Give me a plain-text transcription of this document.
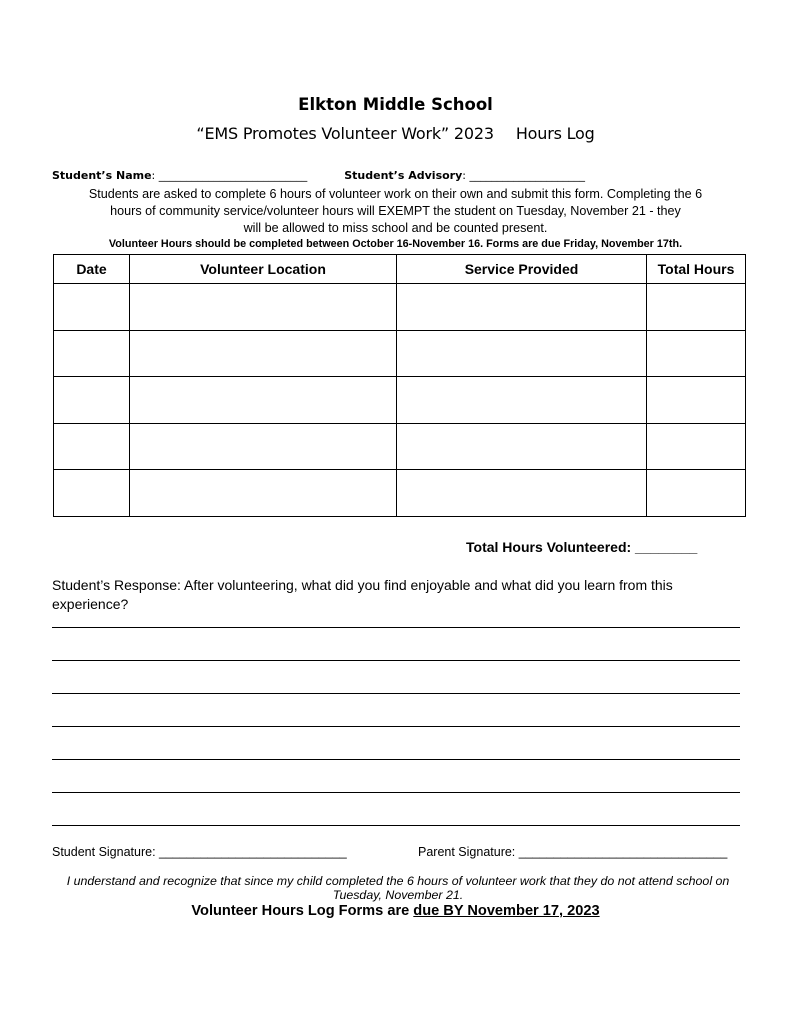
Elkton Middle School
“EMS Promotes Volunteer Work” 2023 Hours Log
Student’s Name: ___________________________	Student’s Advisory: _____________________
Students are asked to complete 6 hours of volunteer work on their own and submit this form. Completing the 6
hours of community service/volunteer hours will EXEMPT the student on Tuesday, November 21 - they
will be allowed to miss school and be counted present.
Volunteer Hours should be completed between October 16-November 16. Forms are due Friday, November 17th.
Date	Volunteer Location	Service Provided	Total Hours

Total Hours Volunteered: ________
Student’s Response: After volunteering, what did you find enjoyable and what did you learn from this experience?
Student Signature: ___________________________	Parent Signature: ______________________________
I understand and recognize that since my child completed the 6 hours of volunteer work that they do not attend school on Tuesday, November 21.
Volunteer Hours Log Forms are due BY November 17, 2023
